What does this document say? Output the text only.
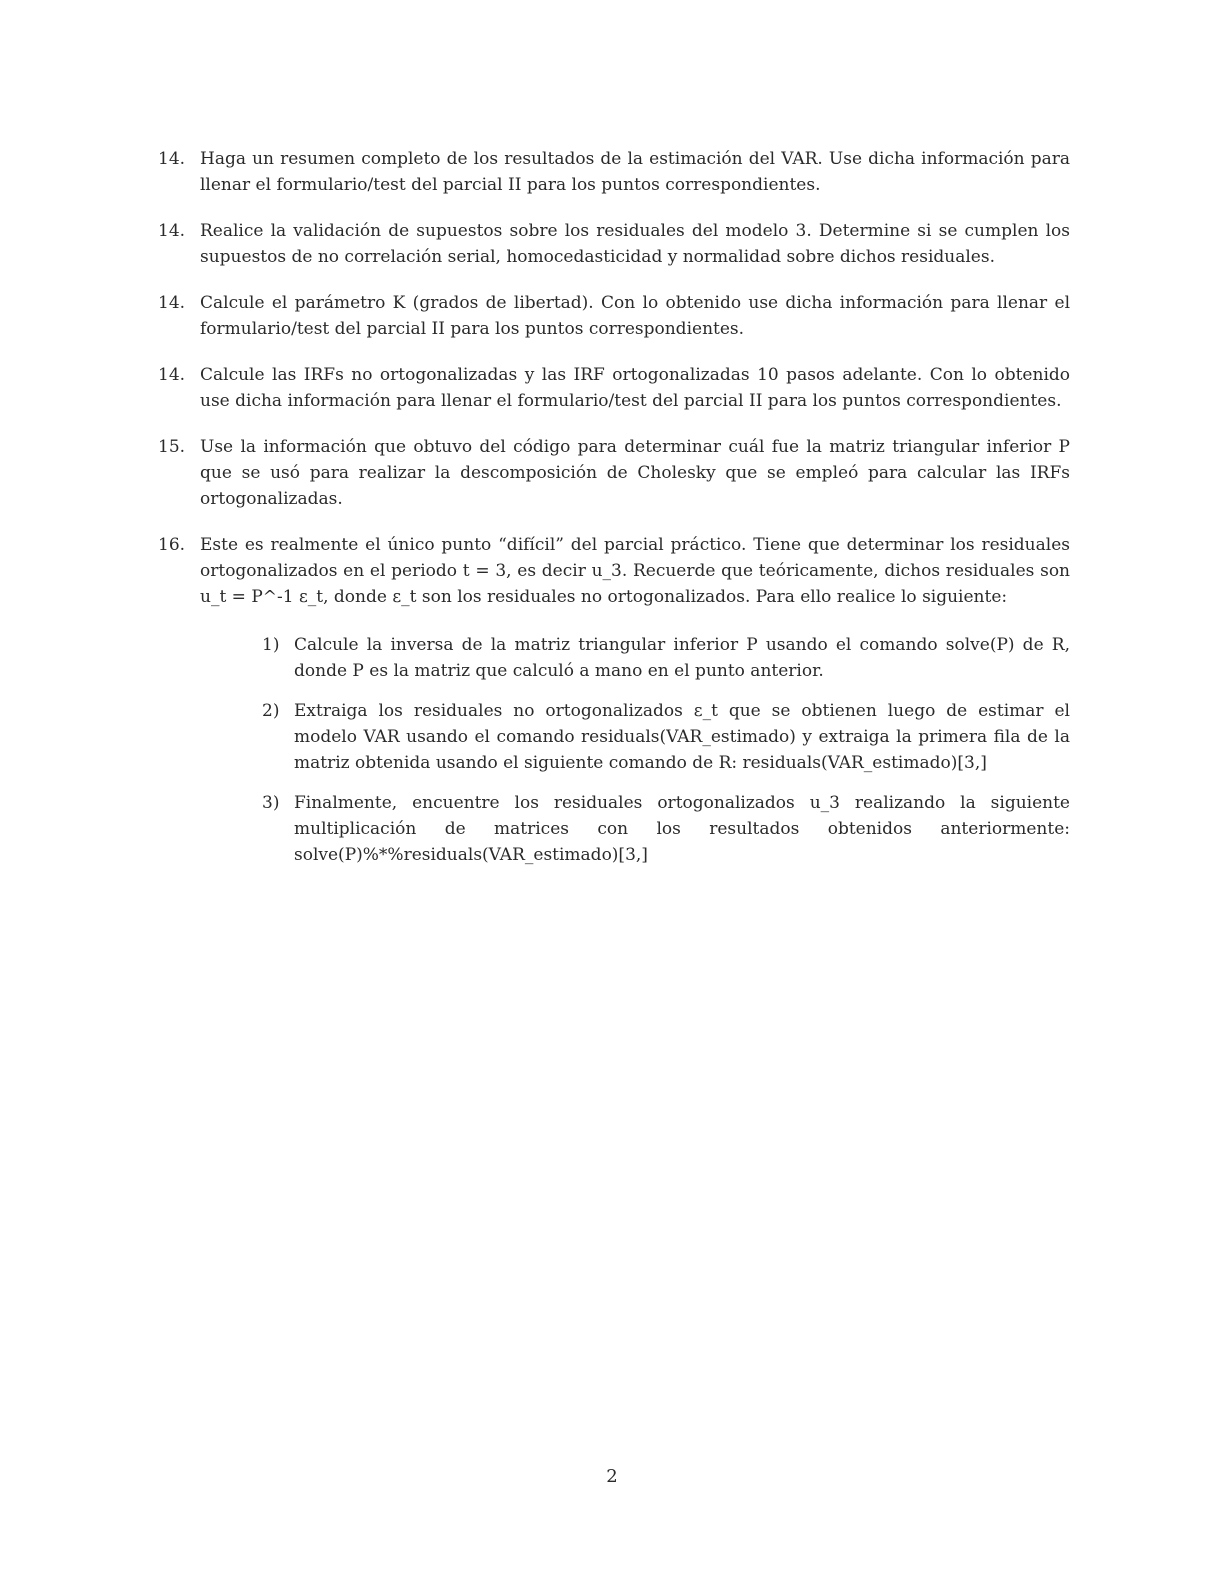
14. Haga un resumen completo de los resultados de la estimación del VAR. Use dicha información para llenar el formulario/test del parcial II para los puntos correspondientes.
14. Realice la validación de supuestos sobre los residuales del modelo 3. Determine si se cumplen los supuestos de no correlación serial, homocedasticidad y normalidad sobre dichos residuales.
14. Calcule el parámetro K (grados de libertad). Con lo obtenido use dicha información para llenar el formulario/test del parcial II para los puntos correspondientes.
14. Calcule las IRFs no ortogonalizadas y las IRF ortogonalizadas 10 pasos adelante. Con lo obtenido use dicha información para llenar el formulario/test del parcial II para los puntos correspondientes.
15. Use la información que obtuvo del código para determinar cuál fue la matriz triangular inferior P que se usó para realizar la descomposición de Cholesky que se empleó para calcular las IRFs ortogonalizadas.
16. Este es realmente el único punto “difícil” del parcial práctico. Tiene que determinar los residuales ortogonalizados en el periodo t = 3, es decir u_3. Recuerde que teóricamente, dichos residuales son u_t = P^-1 ε_t, donde ε_t son los residuales no ortogonalizados. Para ello realice lo siguiente:
1) Calcule la inversa de la matriz triangular inferior P usando el comando solve(P) de R, donde P es la matriz que calculó a mano en el punto anterior.
2) Extraiga los residuales no ortogonalizados ε_t que se obtienen luego de estimar el modelo VAR usando el comando residuals(VAR_estimado) y extraiga la primera fila de la matriz obtenida usando el siguiente comando de R: residuals(VAR_estimado)[3,]
3) Finalmente, encuentre los residuales ortogonalizados u_3 realizando la siguiente multiplicación de matrices con los resultados obtenidos anteriormente: solve(P)%*%residuals(VAR_estimado)[3,]
2
